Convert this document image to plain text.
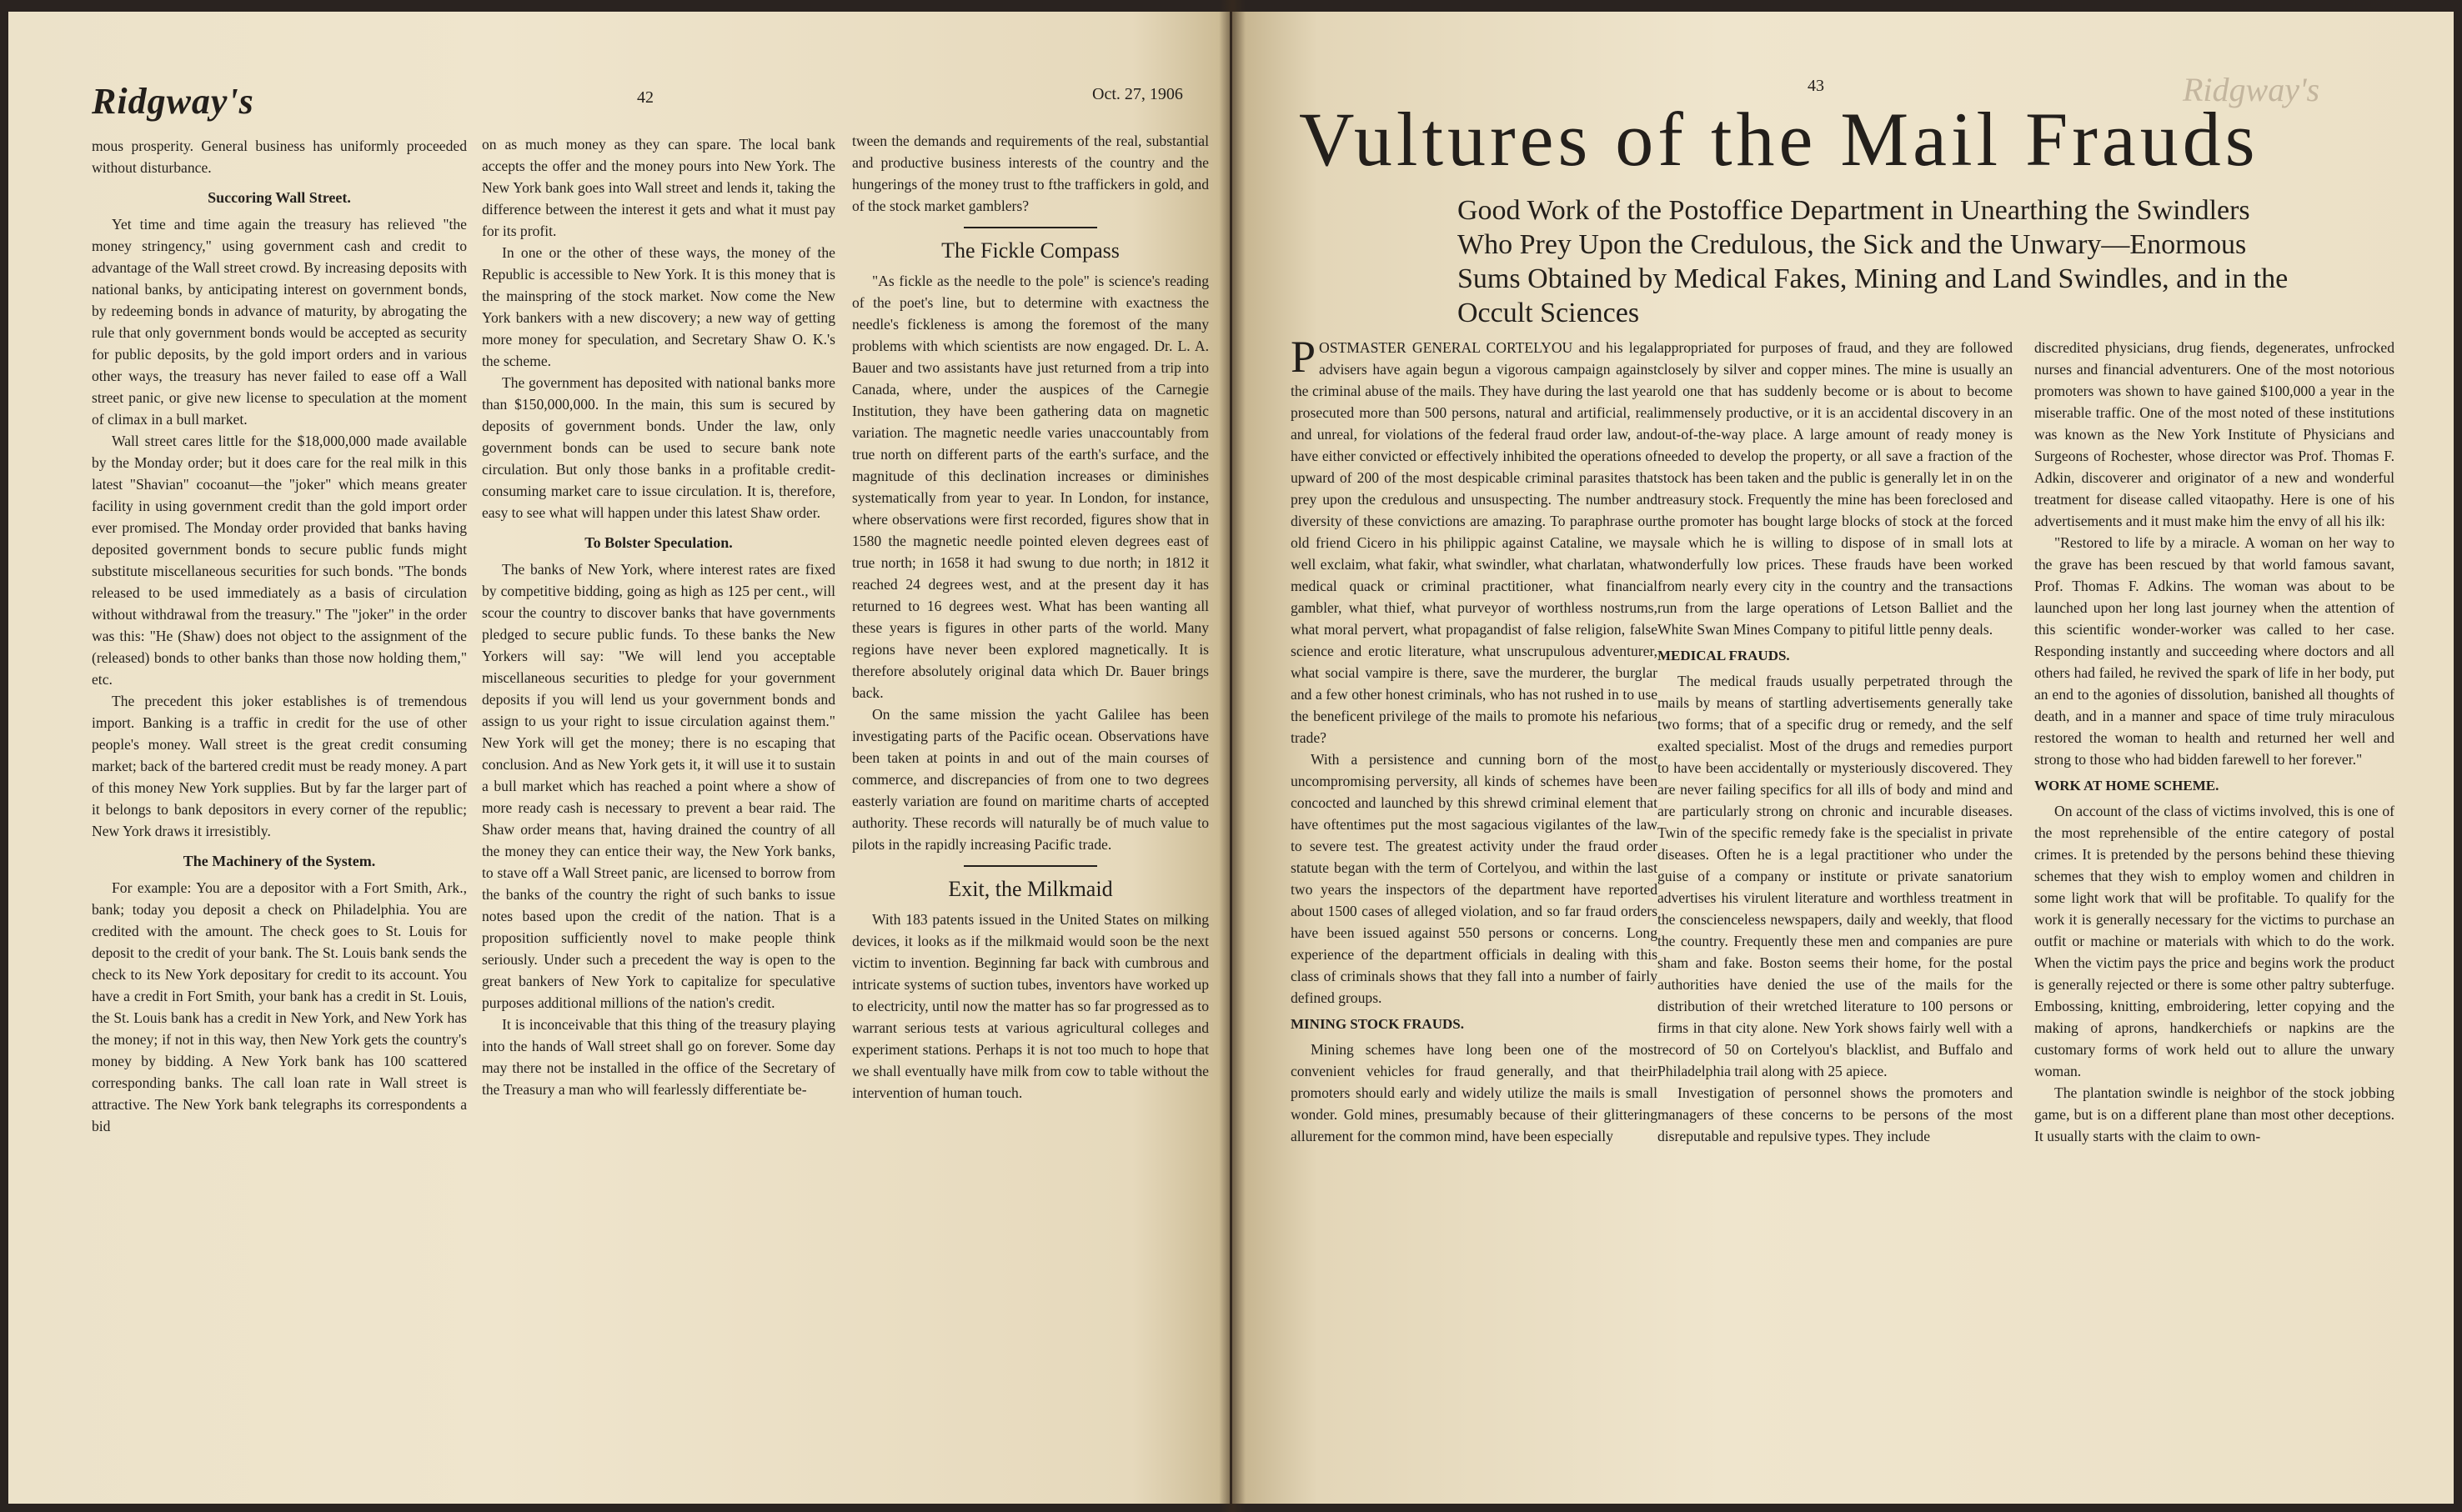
Ridgway's	42	Oct. 27, 1906

mous prosperity. General business has uniformly proceeded without disturbance.

Succoring Wall Street.

Yet time and time again the treasury has relieved "the money stringency," using government cash and credit to advantage of the Wall street crowd. By increasing deposits with national banks, by anticipating interest on government bonds, by redeeming bonds in advance of maturity, by abrogating the rule that only government bonds would be accepted as security for public deposits, by the gold import orders and in various other ways, the treasury has never failed to ease off a Wall street panic, or give new license to speculation at the moment of climax in a bull market.

Wall street cares little for the $18,000,000 made available by the Monday order; but it does care for the real milk in this latest "Shavian" cocoanut—the "joker" which means greater facility in using government credit than the gold import order ever promised. The Monday order provided that banks having deposited government bonds to secure public funds might substitute miscellaneous securities for such bonds. "The bonds released to be used immediately as a basis of circulation without withdrawal from the treasury." The "joker" in the order was this: "He (Shaw) does not object to the assignment of the (released) bonds to other banks than those now holding them," etc.

The precedent this joker establishes is of tremendous import. Banking is a traffic in credit for the use of other people's money. Wall street is the great credit consuming market; back of the bartered credit must be ready money. A part of this money New York supplies. But by far the larger part of it belongs to bank depositors in every corner of the republic; New York draws it irresistibly.

The Machinery of the System.

For example: You are a depositor with a Fort Smith, Ark., bank; today you deposit a check on Philadelphia. You are credited with the amount. The check goes to St. Louis for deposit to the credit of your bank. The St. Louis bank sends the check to its New York depositary for credit to its account. You have a credit in Fort Smith, your bank has a credit in St. Louis, the St. Louis bank has a credit in New York, and New York has the money; if not in this way, then New York gets the country's money by bidding. A New York bank has 100 scattered corresponding banks. The call loan rate in Wall street is attractive. The New York bank telegraphs its correspondents a bid

on as much money as they can spare. The local bank accepts the offer and the money pours into New York. The New York bank goes into Wall street and lends it, taking the difference between the interest it gets and what it must pay for its profit.

In one or the other of these ways, the money of the Republic is accessible to New York. It is this money that is the mainspring of the stock market. Now come the New York bankers with a new discovery; a new way of getting more money for speculation, and Secretary Shaw O. K.'s the scheme.

The government has deposited with national banks more than $150,000,000. In the main, this sum is secured by deposits of government bonds. Under the law, only government bonds can be used to secure bank note circulation. But only those banks in a profitable credit-consuming market care to issue circulation. It is, therefore, easy to see what will happen under this latest Shaw order.

To Bolster Speculation.

The banks of New York, where interest rates are fixed by competitive bidding, going as high as 125 per cent., will scour the country to discover banks that have governments pledged to secure public funds. To these banks the New Yorkers will say: "We will lend you acceptable miscellaneous securities to pledge for your government deposits if you will lend us your government bonds and assign to us your right to issue circulation against them." New York will get the money; there is no escaping that conclusion. And as New York gets it, it will use it to sustain a bull market which has reached a point where a show of more ready cash is necessary to prevent a bear raid. The Shaw order means that, having drained the country of all the money they can entice their way, the New York banks, to stave off a Wall Street panic, are licensed to borrow from the banks of the country the right of such banks to issue notes based upon the credit of the nation. That is a proposition sufficiently novel to make people think seriously. Under such a precedent the way is open to the great bankers of New York to capitalize for speculative purposes additional millions of the nation's credit.

It is inconceivable that this thing of the treasury playing into the hands of Wall street shall go on forever. Some day may there not be installed in the office of the Secretary of the Treasury a man who will fearlessly differentiate be-

tween the demands and requirements of the real, substantial and productive business interests of the country and the hungerings of the money trust to fthe traffickers in gold, and of the stock market gamblers?

The Fickle Compass

"As fickle as the needle to the pole" is science's reading of the poet's line, but to determine with exactness the needle's fickleness is among the foremost of the many problems with which scientists are now engaged. Dr. L. A. Bauer and two assistants have just returned from a trip into Canada, where, under the auspices of the Carnegie Institution, they have been gathering data on magnetic variation. The magnetic needle varies unaccountably from true north on different parts of the earth's surface, and the magnitude of this declination increases or diminishes systematically from year to year. In London, for instance, where observations were first recorded, figures show that in 1580 the magnetic needle pointed eleven degrees east of true north; in 1658 it had swung to due north; in 1812 it reached 24 degrees west, and at the present day it has returned to 16 degrees west. What has been wanting all these years is figures in other parts of the world. Many regions have never been explored magnetically. It is therefore absolutely original data which Dr. Bauer brings back.

On the same mission the yacht Galilee has been investigating parts of the Pacific ocean. Observations have been taken at points in and out of the main courses of commerce, and discrepancies of from one to two degrees easterly variation are found on maritime charts of accepted authority. These records will naturally be of much value to pilots in the rapidly increasing Pacific trade.

Exit, the Milkmaid

With 183 patents issued in the United States on milking devices, it looks as if the milkmaid would soon be the next victim to invention. Beginning far back with cumbrous and intricate systems of suction tubes, inventors have worked up to electricity, until now the matter has so far progressed as to warrant serious tests at various agricultural colleges and experiment stations. Perhaps it is not too much to hope that we shall eventually have milk from cow to table without the intervention of human touch.

43	Ridgway's
Vultures of the Mail Frauds
Good Work of the Postoffice Department in Unearthing the Swindlers Who Prey Upon the Credulous, the Sick and the Unwary—Enormous Sums Obtained by Medical Fakes, Mining and Land Swindles, and in the Occult Sciences

POSTMASTER GENERAL CORTELYOU and his legal advisers have again begun a vigorous campaign against the criminal abuse of the mails. They have during the last year prosecuted more than 500 persons, natural and artificial, real and unreal, for violations of the federal fraud order law, and have either convicted or effectively inhibited the operations of upward of 200 of the most despicable criminal parasites that prey upon the credulous and unsuspecting. The number and diversity of these convictions are amazing. To paraphrase our old friend Cicero in his philippic against Cataline, we may well exclaim, what fakir, what swindler, what charlatan, what medical quack or criminal practitioner, what financial gambler, what thief, what purveyor of worthless nostrums, what moral pervert, what propagandist of false religion, false science and erotic literature, what unscrupulous adventurer, what social vampire is there, save the murderer, the burglar and a few other honest criminals, who has not rushed in to use the beneficent privilege of the mails to promote his nefarious trade?

With a persistence and cunning born of the most uncompromising perversity, all kinds of schemes have been concocted and launched by this shrewd criminal element that have oftentimes put the most sagacious vigilantes of the law to severe test. The greatest activity under the fraud order statute began with the term of Cortelyou, and within the last two years the inspectors of the department have reported about 1500 cases of alleged violation, and so far fraud orders have been issued against 550 persons or concerns. Long experience of the department officials in dealing with this class of criminals shows that they fall into a number of fairly defined groups.

MINING STOCK FRAUDS.

Mining schemes have long been one of the most convenient vehicles for fraud generally, and that their promoters should early and widely utilize the mails is small wonder. Gold mines, presumably because of their glittering allurement for the common mind, have been especially

appropriated for purposes of fraud, and they are followed closely by silver and copper mines. The mine is usually an old one that has suddenly become or is about to become immensely productive, or it is an accidental discovery in an out-of-the-way place. A large amount of ready money is needed to develop the property, or all save a fraction of the stock has been taken and the public is generally let in on the treasury stock. Frequently the mine has been foreclosed and the promoter has bought large blocks of stock at the forced sale which he is willing to dispose of in small lots at wonderfully low prices. These frauds have been worked from nearly every city in the country and the transactions run from the large operations of Letson Balliet and the White Swan Mines Company to pitiful little penny deals.

MEDICAL FRAUDS.

The medical frauds usually perpetrated through the mails by means of startling advertisements generally take two forms; that of a specific drug or remedy, and the self exalted specialist. Most of the drugs and remedies purport to have been accidentally or mysteriously discovered. They are never failing specifics for all ills of body and mind and are particularly strong on chronic and incurable diseases. Twin of the specific remedy fake is the specialist in private diseases. Often he is a legal practitioner who under the guise of a company or institute or private sanatorium advertises his virulent literature and worthless treatment in the conscienceless newspapers, daily and weekly, that flood the country. Frequently these men and companies are pure sham and fake. Boston seems their home, for the postal authorities have denied the use of the mails for the distribution of their wretched literature to 100 persons or firms in that city alone. New York shows fairly well with a record of 50 on Cortelyou's blacklist, and Buffalo and Philadelphia trail along with 25 apiece.

Investigation of personnel shows the promoters and managers of these concerns to be persons of the most disreputable and repulsive types. They include

discredited physicians, drug fiends, degenerates, unfrocked nurses and financial adventurers. One of the most notorious promoters was shown to have gained $100,000 a year in the miserable traffic. One of the most noted of these institutions was known as the New York Institute of Physicians and Surgeons of Rochester, whose director was Prof. Thomas F. Adkin, discoverer and originator of a new and wonderful treatment for disease called vitaopathy. Here is one of his advertisements and it must make him the envy of all his ilk:

"Restored to life by a miracle. A woman on her way to the grave has been rescued by that world famous savant, Prof. Thomas F. Adkins. The woman was about to be launched upon her long last journey when the attention of this scientific wonder-worker was called to her case. Responding instantly and succeeding where doctors and all others had failed, he revived the spark of life in her body, put an end to the agonies of dissolution, banished all thoughts of death, and in a manner and space of time truly miraculous restored the woman to health and returned her well and strong to those who had bidden farewell to her forever."

WORK AT HOME SCHEME.

On account of the class of victims involved, this is one of the most reprehensible of the entire category of postal crimes. It is pretended by the persons behind these thieving schemes that they wish to employ women and children in some light work that will be profitable. To qualify for the work it is generally necessary for the victims to purchase an outfit or machine or materials with which to do the work. When the victim pays the price and begins work the product is generally rejected or there is some other paltry subterfuge. Embossing, knitting, embroidering, letter copying and the making of aprons, handkerchiefs or napkins are the customary forms of work held out to allure the unwary woman.

The plantation swindle is neighbor of the stock jobbing game, but is on a different plane than most other deceptions. It usually starts with the claim to own-
